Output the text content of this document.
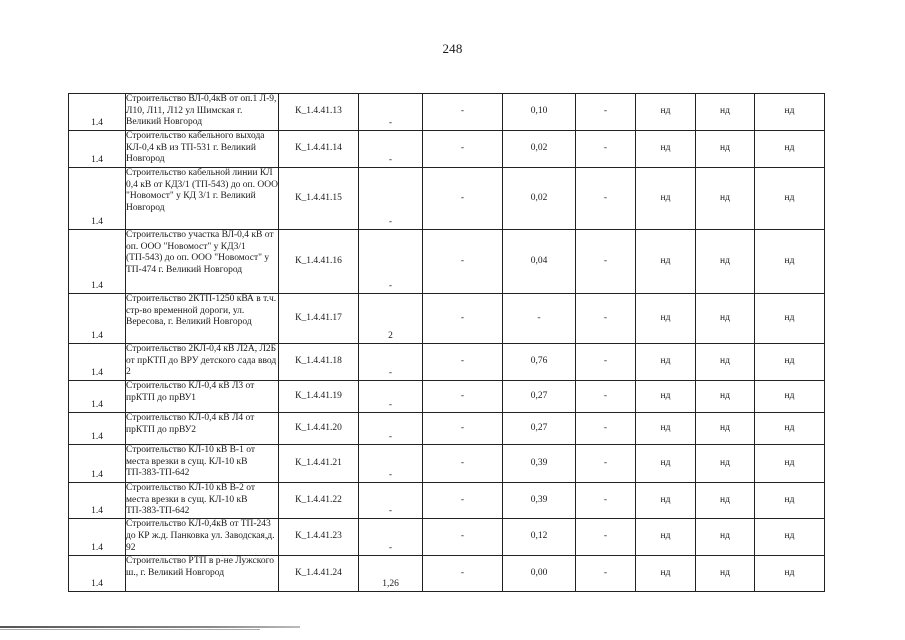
248
1.4	Строительство ВЛ-0,4кВ от оп.1 Л-9, Л10, Л11, Л12 ул Шимская г. Великий Новгород	К_1.4.41.13	-	-	0,10	-	нд	нд	нд
1.4	Строительство кабельного выхода КЛ-0,4 кВ из ТП-531 г. Великий Новгород	К_1.4.41.14	-	-	0,02	-	нд	нд	нд
1.4	Строительство кабельной линии КЛ 0,4 кВ от КД3/1 (ТП-543) до оп. ООО "Новомост" у КД 3/1 г. Великий Новгород	К_1.4.41.15	-	-	0,02	-	нд	нд	нд
1.4	Строительство участка ВЛ-0,4 кВ от оп. ООО "Новомост" у КД3/1 (ТП-543) до оп. ООО "Новомост" у ТП-474 г. Великий Новгород	К_1.4.41.16	-	-	0,04	-	нд	нд	нд
1.4	Строительство 2КТП-1250 кВА в т.ч. стр-во временной дороги, ул. Вересова, г. Великий Новгород	К_1.4.41.17	2	-	-	-	нд	нд	нд
1.4	Строительство 2КЛ-0,4 кВ Л2А, Л2Б от прКТП до ВРУ детского сада ввод 2	К_1.4.41.18	-	-	0,76	-	нд	нд	нд
1.4	Строительство КЛ-0,4 кВ Л3 от прКТП до прВУ1	К_1.4.41.19	-	-	0,27	-	нд	нд	нд
1.4	Строительство КЛ-0,4 кВ Л4 от прКТП до прВУ2	К_1.4.41.20	-	-	0,27	-	нд	нд	нд
1.4	Строительство КЛ-10 кВ В-1 от места врезки в сущ. КЛ-10 кВ ТП-383-ТП-642	К_1.4.41.21	-	-	0,39	-	нд	нд	нд
1.4	Строительство КЛ-10 кВ В-2 от места врезки в сущ. КЛ-10 кВ ТП-383-ТП-642	К_1.4.41.22	-	-	0,39	-	нд	нд	нд
1.4	Строительство КЛ-0,4кВ от ТП-243 до КР ж.д. Панковка ул. Заводская,д. 92	К_1.4.41.23	-	-	0,12	-	нд	нд	нд
1.4	Строительство РТП в р-не Лужского ш., г. Великий Новгород	К_1.4.41.24	1,26	-	0,00	-	нд	нд	нд
